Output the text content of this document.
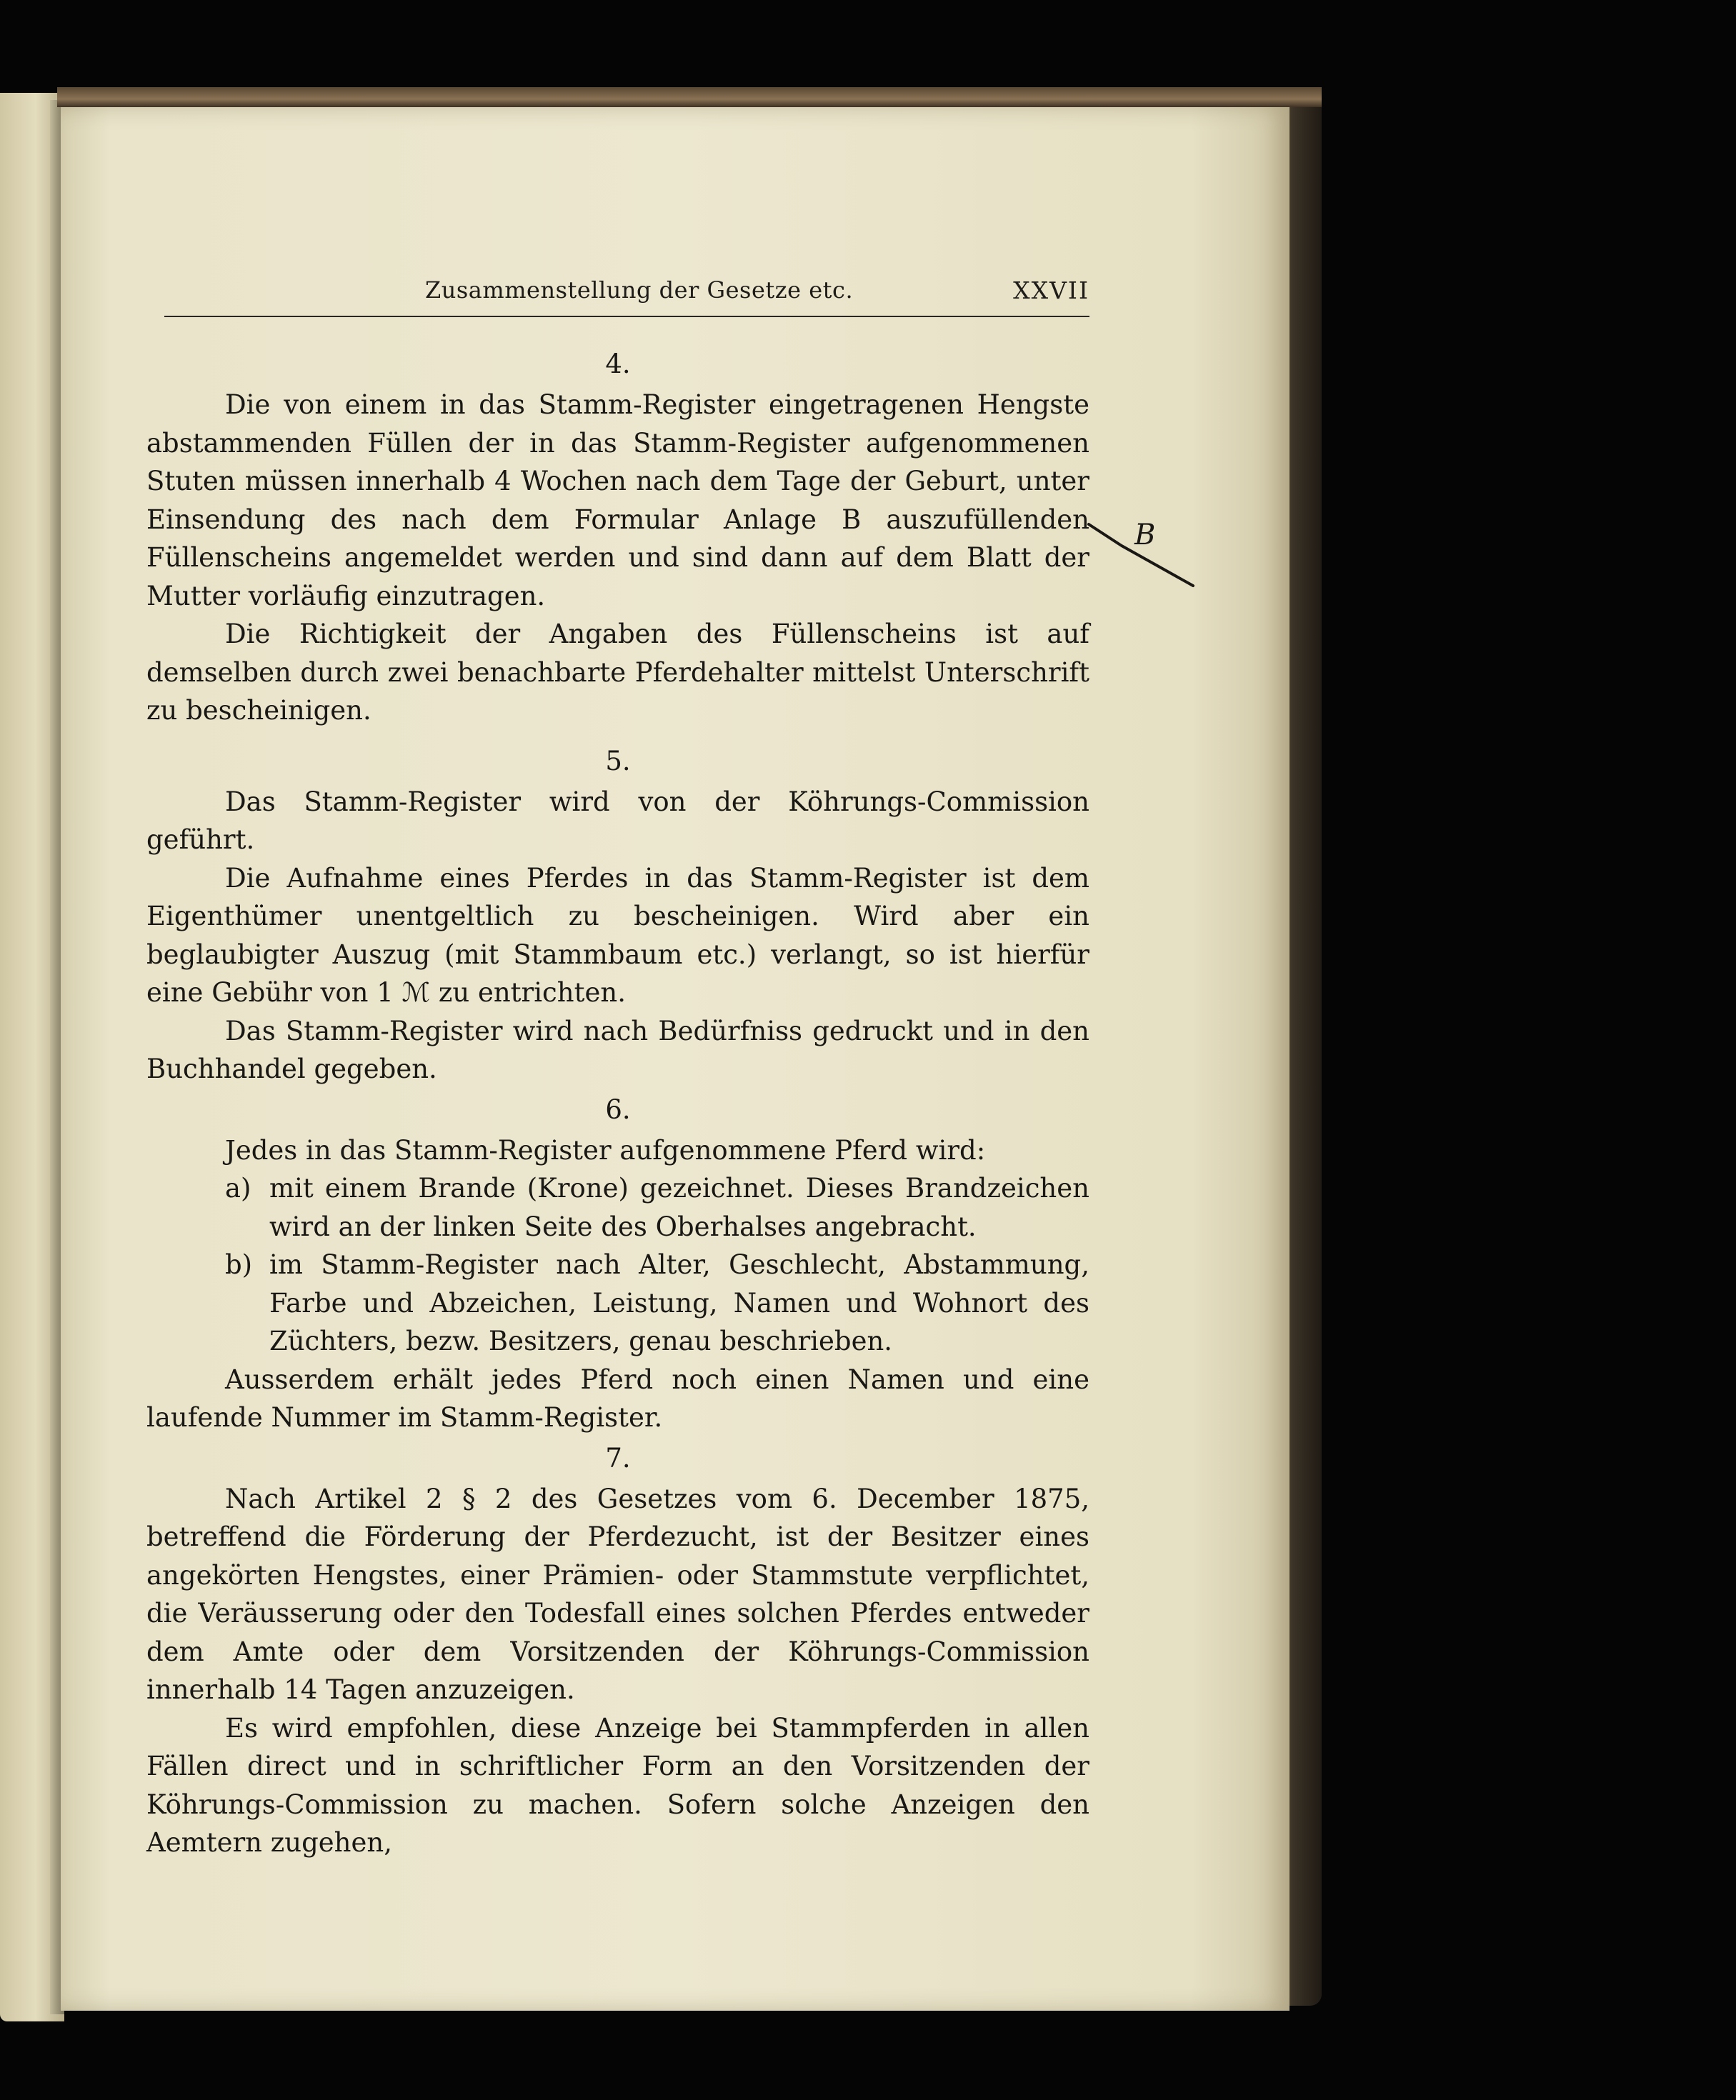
Zusammenstellung der Gesetze etc.	XXVII
4.

Die von einem in das Stamm-Register eingetragenen Hengste abstammenden Füllen der in das Stamm-Register aufgenommenen Stuten müssen innerhalb 4 Wochen nach dem Tage der Geburt, unter Einsendung des nach dem Formular Anlage B auszufüllenden Füllenscheins angemeldet werden und sind dann auf dem Blatt der Mutter vorläufig einzutragen.

Die Richtigkeit der Angaben des Füllenscheins ist auf demselben durch zwei benachbarte Pferdehalter mittelst Unterschrift zu bescheinigen.

5.

Das Stamm-Register wird von der Köhrungs-Commission geführt.

Die Aufnahme eines Pferdes in das Stamm-Register ist dem Eigenthümer unentgeltlich zu bescheinigen. Wird aber ein beglaubigter Auszug (mit Stammbaum etc.) verlangt, so ist hierfür eine Gebühr von 1 ℳ zu entrichten.

Das Stamm-Register wird nach Bedürfniss gedruckt und in den Buchhandel gegeben.

6.

Jedes in das Stamm-Register aufgenommene Pferd wird:

a) mit einem Brande (Krone) gezeichnet. Dieses Brandzeichen wird an der linken Seite des Oberhalses angebracht.
b) im Stamm-Register nach Alter, Geschlecht, Abstammung, Farbe und Abzeichen, Leistung, Namen und Wohnort des Züchters, bezw. Besitzers, genau beschrieben.

Ausserdem erhält jedes Pferd noch einen Namen und eine laufende Nummer im Stamm-Register.

7.

Nach Artikel 2 § 2 des Gesetzes vom 6. December 1875, betreffend die Förderung der Pferdezucht, ist der Besitzer eines angekörten Hengstes, einer Prämien- oder Stammstute verpflichtet, die Veräusserung oder den Todesfall eines solchen Pferdes entweder dem Amte oder dem Vorsitzenden der Köhrungs-Commission innerhalb 14 Tagen anzuzeigen.

Es wird empfohlen, diese Anzeige bei Stammpferden in allen Fällen direct und in schriftlicher Form an den Vorsitzenden der Köhrungs-Commission zu machen. Sofern solche Anzeigen den Aemtern zugehen,

B
